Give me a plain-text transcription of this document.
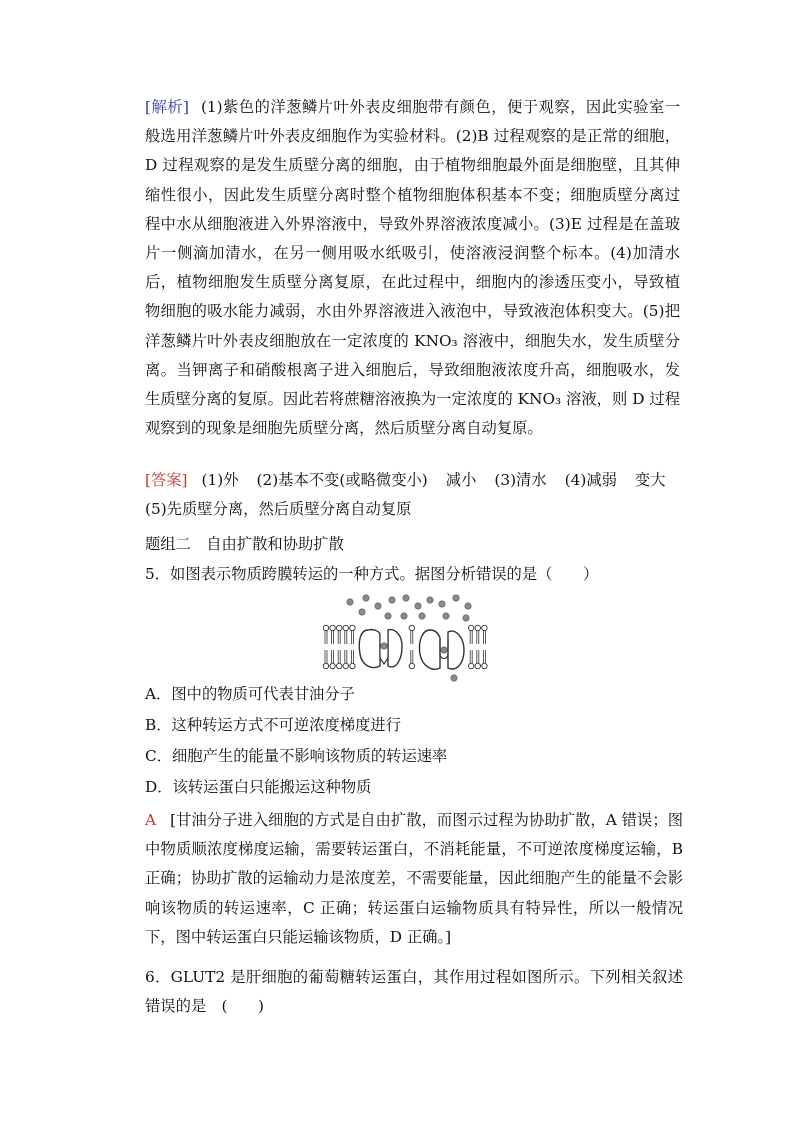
[解析] (1)紫色的洋葱鳞片叶外表皮细胞带有颜色，便于观察，因此实验室一般选用洋葱鳞片叶外表皮细胞作为实验材料。(2)B 过程观察的是正常的细胞，D 过程观察的是发生质壁分离的细胞，由于植物细胞最外面是细胞壁，且其伸缩性很小，因此发生质壁分离时整个植物细胞体积基本不变；细胞质壁分离过程中水从细胞液进入外界溶液中，导致外界溶液浓度减小。(3)E 过程是在盖玻片一侧滴加清水，在另一侧用吸水纸吸引，使溶液浸润整个标本。(4)加清水后，植物细胞发生质壁分离复原，在此过程中，细胞内的渗透压变小，导致植物细胞的吸水能力减弱，水由外界溶液进入液泡中，导致液泡体积变大。(5)把洋葱鳞片叶外表皮细胞放在一定浓度的 KNO₃ 溶液中，细胞失水，发生质壁分离。当钾离子和硝酸根离子进入细胞后，导致细胞液浓度升高，细胞吸水，发生质壁分离的复原。因此若将蔗糖溶液换为一定浓度的 KNO₃ 溶液，则 D 过程观察到的现象是细胞先质壁分离，然后质壁分离自动复原。
[答案] (1)外 (2)基本不变(或略微变小) 减小 (3)清水 (4)减弱 变大
(5)先质壁分离，然后质壁分离自动复原
题组二　自由扩散和协助扩散
5．如图表示物质跨膜转运的一种方式。据图分析错误的是（　　）
A．图中的物质可代表甘油分子
B．这种转运方式不可逆浓度梯度进行
C．细胞产生的能量不影响该物质的转运速率
D．该转运蛋白只能搬运这种物质
A [甘油分子进入细胞的方式是自由扩散，而图示过程为协助扩散，A 错误；图中物质顺浓度梯度运输，需要转运蛋白，不消耗能量，不可逆浓度梯度运输，B 正确；协助扩散的运输动力是浓度差，不需要能量，因此细胞产生的能量不会影响该物质的转运速率，C 正确；转运蛋白运输物质具有特异性，所以一般情况下，图中转运蛋白只能运输该物质，D 正确。]
6．GLUT2 是肝细胞的葡萄糖转运蛋白，其作用过程如图所示。下列相关叙述错误的是　(　　)
